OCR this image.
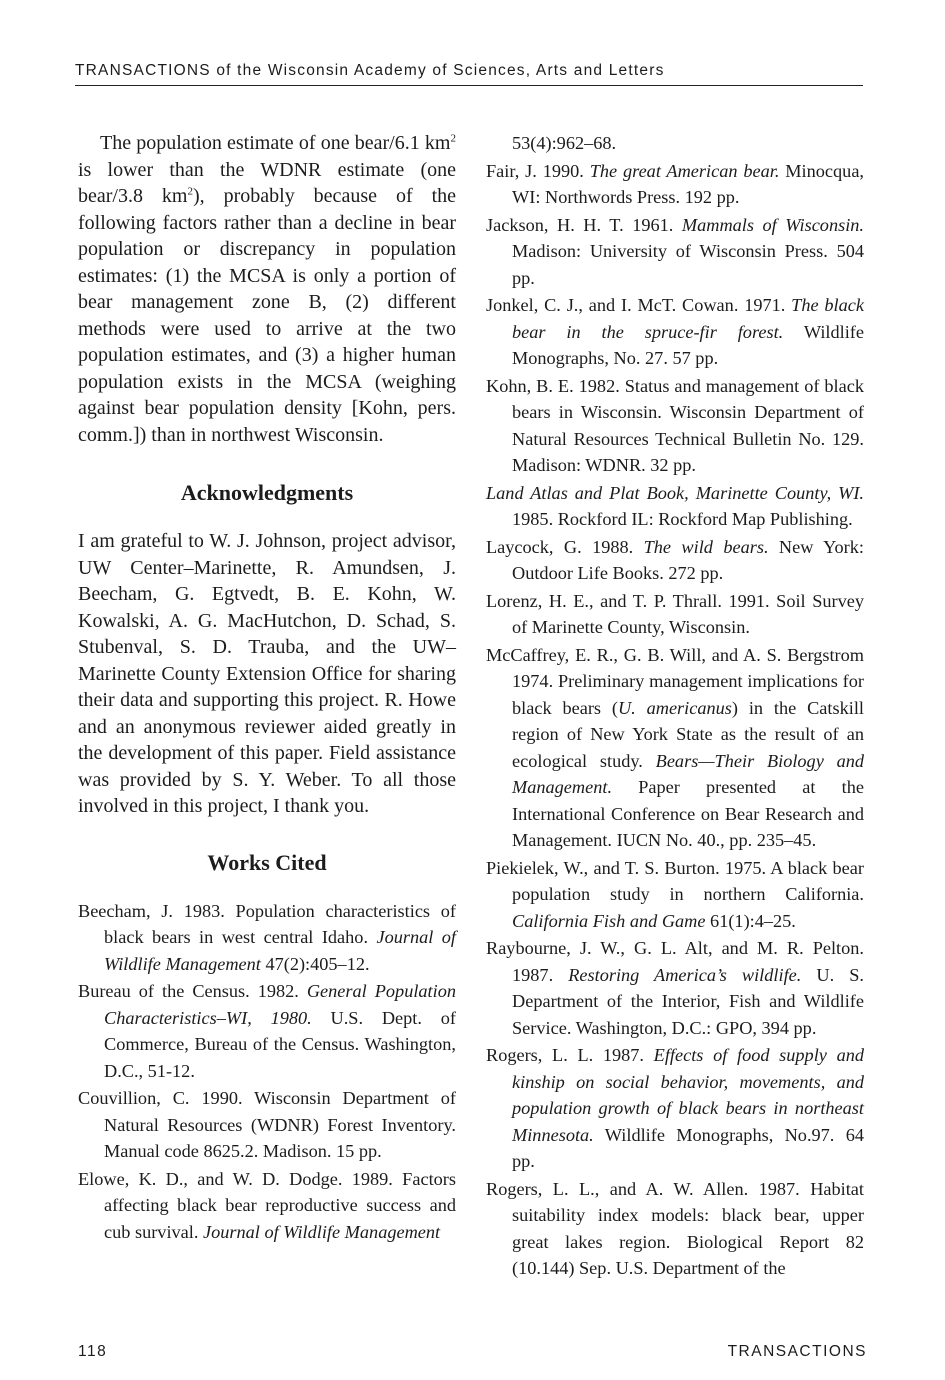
TRANSACTIONS of the Wisconsin Academy of Sciences, Arts and Letters

The population estimate of one bear/6.1 $km^2$ is lower than the WDNR estimate (one bear/3.8 $km^2$), probably because of the following factors rather than a decline in bear population or discrepancy in population estimates: (1) the MCSA is only a portion of bear management zone B, (2) different methods were used to arrive at the two population estimates, and (3) a higher human population exists in the MCSA (weighing against bear population density [Kohn, pers. comm.]) than in northwest Wisconsin.

Acknowledgments

I am grateful to W. J. Johnson, project advisor, UW Center–Marinette, R. Amundsen, J. Beecham, G. Egtvedt, B. E. Kohn, W. Kowalski, A. G. MacHutchon, D. Schad, S. Stubenval, S. D. Trauba, and the UW–Marinette County Extension Office for sharing their data and supporting this project. R. Howe and an anonymous reviewer aided greatly in the development of this paper. Field assistance was provided by S. Y. Weber. To all those involved in this project, I thank you.

Works Cited

Beecham, J. 1983. Population characteristics of black bears in west central Idaho. Journal of Wildlife Management 47(2):405–12.

Bureau of the Census. 1982. General Population Characteristics–WI, 1980. U.S. Dept. of Commerce, Bureau of the Census. Washington, D.C., 51-12.

Couvillion, C. 1990. Wisconsin Department of Natural Resources (WDNR) Forest Inventory. Manual code 8625.2. Madison. 15 pp.

Elowe, K. D., and W. D. Dodge. 1989. Factors affecting black bear reproductive success and cub survival. Journal of Wildlife Management

53(4):962–68.

Fair, J. 1990. The great American bear. Minocqua, WI: Northwords Press. 192 pp.

Jackson, H. H. T. 1961. Mammals of Wisconsin. Madison: University of Wisconsin Press. 504 pp.

Jonkel, C. J., and I. McT. Cowan. 1971. The black bear in the spruce-fir forest. Wildlife Monographs, No. 27. 57 pp.

Kohn, B. E. 1982. Status and management of black bears in Wisconsin. Wisconsin Department of Natural Resources Technical Bulletin No. 129. Madison: WDNR. 32 pp.

Land Atlas and Plat Book, Marinette County, WI. 1985. Rockford IL: Rockford Map Publishing.

Laycock, G. 1988. The wild bears. New York: Outdoor Life Books. 272 pp.

Lorenz, H. E., and T. P. Thrall. 1991. Soil Survey of Marinette County, Wisconsin.

McCaffrey, E. R., G. B. Will, and A. S. Bergstrom 1974. Preliminary management implications for black bears (U. americanus) in the Catskill region of New York State as the result of an ecological study. Bears—Their Biology and Management. Paper presented at the International Conference on Bear Research and Management. IUCN No. 40., pp. 235–45.

Piekielek, W., and T. S. Burton. 1975. A black bear population study in northern California. California Fish and Game 61(1):4–25.

Raybourne, J. W., G. L. Alt, and M. R. Pelton. 1987. Restoring America’s wildlife. U. S. Department of the Interior, Fish and Wildlife Service. Washington, D.C.: GPO, 394 pp.

Rogers, L. L. 1987. Effects of food supply and kinship on social behavior, movements, and population growth of black bears in northeast Minnesota. Wildlife Monographs, No.97. 64 pp.

Rogers, L. L., and A. W. Allen. 1987. Habitat suitability index models: black bear, upper great lakes region. Biological Report 82 (10.144) Sep. U.S. Department of the

118	TRANSACTIONS
